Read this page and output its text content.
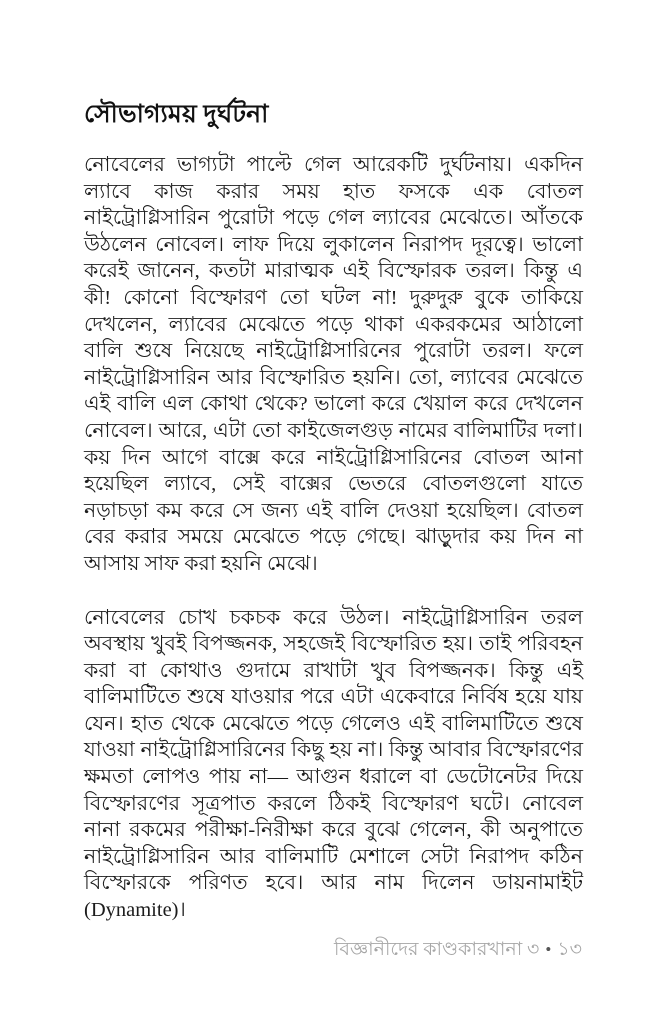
সৌভাগ্যময় দুর্ঘটনা

নোবেলের ভাগ্যটা পাল্টে গেল আরেকটি দুর্ঘটনায়। একদিন ল্যাবে কাজ করার সময় হাত ফসকে এক বোতল নাইট্রোগ্লিসারিন পুরোটা পড়ে গেল ল্যাবের মেঝেতে। আঁতকে উঠলেন নোবেল। লাফ দিয়ে লুকালেন নিরাপদ দূরত্বে। ভালো করেই জানেন, কতটা মারাত্মক এই বিস্ফোরক তরল। কিন্তু এ কী! কোনো বিস্ফোরণ তো ঘটল না! দুরুদুরু বুকে তাকিয়ে দেখলেন, ল্যাবের মেঝেতে পড়ে থাকা একরকমের আঠালো বালি শুষে নিয়েছে নাইট্রোগ্লিসারিনের পুরোটা তরল। ফলে নাইট্রোগ্লিসারিন আর বিস্ফোরিত হয়নি। তো, ল্যাবের মেঝেতে এই বালি এল কোথা থেকে? ভালো করে খেয়াল করে দেখলেন নোবেল। আরে, এটা তো কাইজেলগুড় নামের বালিমাটির দলা। কয় দিন আগে বাক্সে করে নাইট্রোগ্লিসারিনের বোতল আনা হয়েছিল ল্যাবে, সেই বাক্সের ভেতরে বোতলগুলো যাতে নড়াচড়া কম করে সে জন্য এই বালি দেওয়া হয়েছিল। বোতল বের করার সময়ে মেঝেতে পড়ে গেছে। ঝাড়ুদার কয় দিন না আসায় সাফ করা হয়নি মেঝে।

নোবেলের চোখ চকচক করে উঠল। নাইট্রোগ্লিসারিন তরল অবস্থায় খুবই বিপজ্জনক, সহজেই বিস্ফোরিত হয়। তাই পরিবহন করা বা কোথাও গুদামে রাখাটা খুব বিপজ্জনক। কিন্তু এই বালিমাটিতে শুষে যাওয়ার পরে এটা একেবারে নির্বিষ হয়ে যায় যেন। হাত থেকে মেঝেতে পড়ে গেলেও এই বালিমাটিতে শুষে যাওয়া নাইট্রোগ্লিসারিনের কিছু হয় না। কিন্তু আবার বিস্ফোরণের ক্ষমতা লোপও পায় না— আগুন ধরালে বা ডেটোনেটর দিয়ে বিস্ফোরণের সূত্রপাত করলে ঠিকই বিস্ফোরণ ঘটে। নোবেল নানা রকমের পরীক্ষা-নিরীক্ষা করে বুঝে গেলেন, কী অনুপাতে নাইট্রোগ্লিসারিন আর বালিমাটি মেশালে সেটা নিরাপদ কঠিন বিস্ফোরকে পরিণত হবে। আর নাম দিলেন ডায়নামাইট (Dynamite)।

বিজ্ঞানীদের কাণ্ডকারখানা ৩ • ১৩
